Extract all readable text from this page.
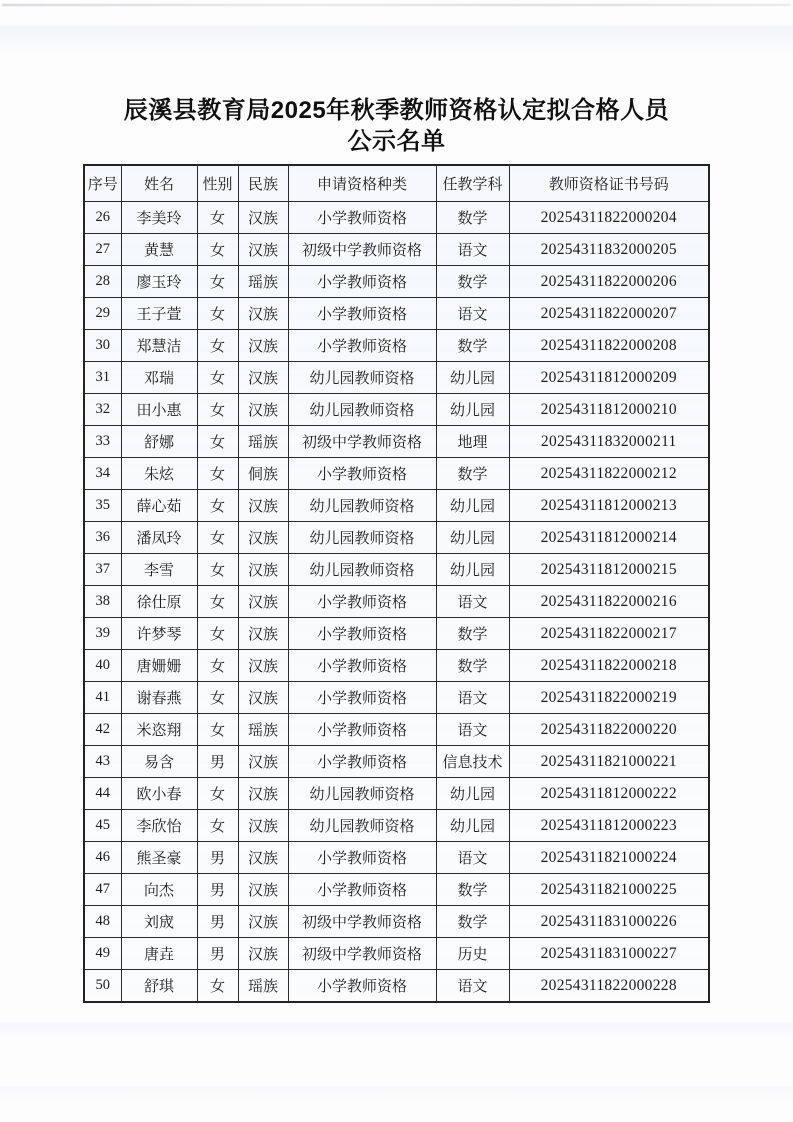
辰溪县教育局2025年秋季教师资格认定拟合格人员
公示名单
序号	姓名	性别	民族	申请资格种类	任教学科	教师资格证书号码
26	李美玲	女	汉族	小学教师资格	数学	20254311822000204
27	黄慧	女	汉族	初级中学教师资格	语文	20254311832000205
28	廖玉玲	女	瑶族	小学教师资格	数学	20254311822000206
29	王子萱	女	汉族	小学教师资格	语文	20254311822000207
30	郑慧洁	女	汉族	小学教师资格	数学	20254311822000208
31	邓瑞	女	汉族	幼儿园教师资格	幼儿园	20254311812000209
32	田小惠	女	汉族	幼儿园教师资格	幼儿园	20254311812000210
33	舒娜	女	瑶族	初级中学教师资格	地理	20254311832000211
34	朱炫	女	侗族	小学教师资格	数学	20254311822000212
35	薛心茹	女	汉族	幼儿园教师资格	幼儿园	20254311812000213
36	潘凤玲	女	汉族	幼儿园教师资格	幼儿园	20254311812000214
37	李雪	女	汉族	幼儿园教师资格	幼儿园	20254311812000215
38	徐仕原	女	汉族	小学教师资格	语文	20254311822000216
39	许梦琴	女	汉族	小学教师资格	数学	20254311822000217
40	唐姗姗	女	汉族	小学教师资格	数学	20254311822000218
41	谢春燕	女	汉族	小学教师资格	语文	20254311822000219
42	米恣翔	女	瑶族	小学教师资格	语文	20254311822000220
43	易含	男	汉族	小学教师资格	信息技术	20254311821000221
44	欧小春	女	汉族	幼儿园教师资格	幼儿园	20254311812000222
45	李欣怡	女	汉族	幼儿园教师资格	幼儿园	20254311812000223
46	熊圣豪	男	汉族	小学教师资格	语文	20254311821000224
47	向杰	男	汉族	小学教师资格	数学	20254311821000225
48	刘宬	男	汉族	初级中学教师资格	数学	20254311831000226
49	唐垚	男	汉族	初级中学教师资格	历史	20254311831000227
50	舒琪	女	瑶族	小学教师资格	语文	20254311822000228
